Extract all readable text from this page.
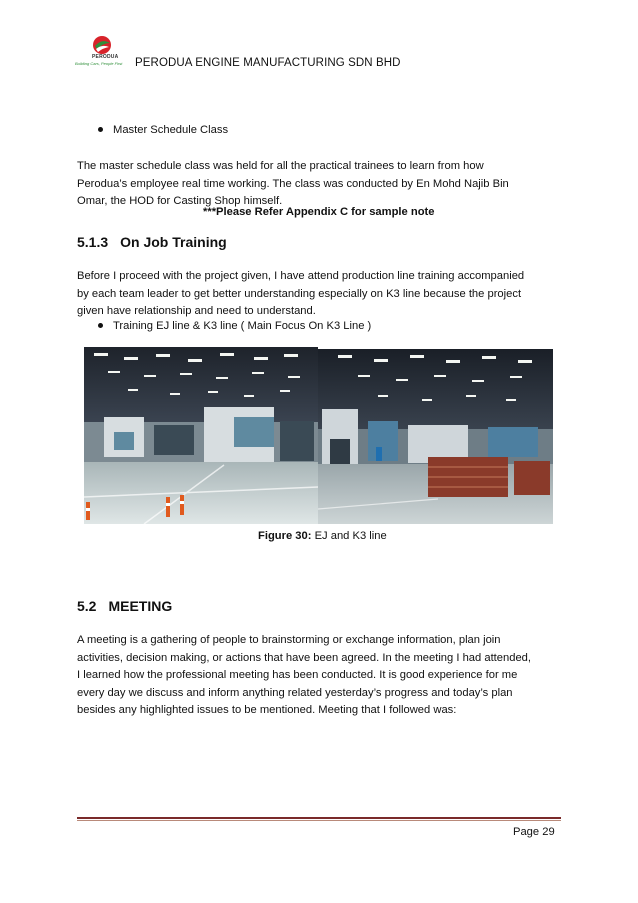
PERODUA
Building Cars, People First PERODUA ENGINE MANUFACTURING SDN BHD
Master Schedule Class
The master schedule class was held for all the practical trainees to learn from how
Perodua’s employee real time working. The class was conducted by En Mohd Najib Bin
Omar, the HOD for Casting Shop himself.
***Please Refer Appendix C for sample note
5.1.3 On Job Training
Before I proceed with the project given, I have attend production line training accompanied
by each team leader to get better understanding especially on K3 line because the project
given have relationship and need to understand.
Training EJ line & K3 line ( Main Focus On K3 Line )
Figure 30: EJ and K3 line
5.2 MEETING
A meeting is a gathering of people to brainstorming or exchange information, plan join
activities, decision making, or actions that have been agreed. In the meeting I had attended,
I learned how the professional meeting has been conducted. It is good experience for me
every day we discuss and inform anything related yesterday’s progress and today’s plan
besides any highlighted issues to be mentioned. Meeting that I followed was:
Page 29
